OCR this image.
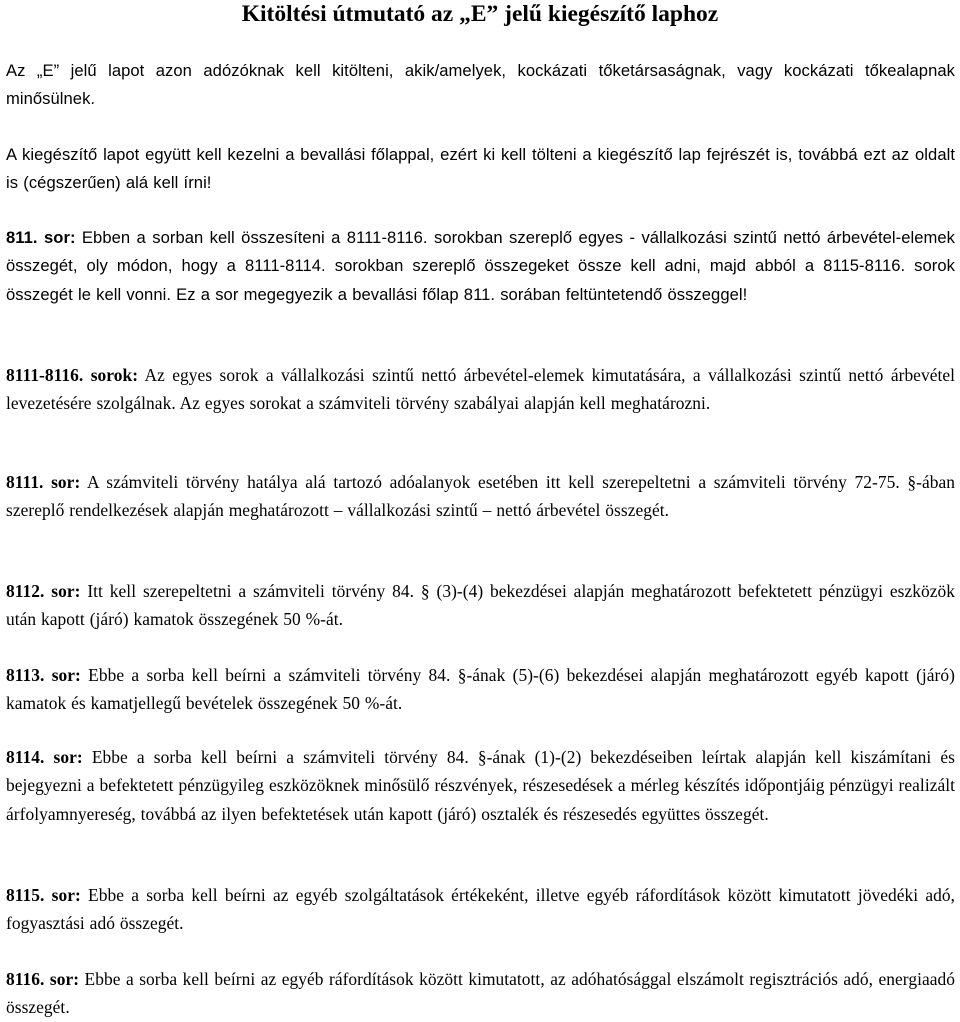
Kitöltési útmutató az „E” jelű kiegészítő laphoz
Az „E” jelű lapot azon adózóknak kell kitölteni, akik/amelyek, kockázati tőketársaságnak, vagy kockázati tőkealapnak minősülnek.
A kiegészítő lapot együtt kell kezelni a bevallási főlappal, ezért ki kell tölteni a kiegészítő lap fejrészét is, továbbá ezt az oldalt is (cégszerűen) alá kell írni!
811. sor: Ebben a sorban kell összesíteni a 8111-8116. sorokban szereplő egyes - vállalkozási szintű nettó árbevétel-elemek összegét, oly módon, hogy a 8111-8114. sorokban szereplő összegeket össze kell adni, majd abból a 8115-8116. sorok összegét le kell vonni. Ez a sor megegyezik a bevallási főlap 811. sorában feltüntetendő összeggel!
8111-8116. sorok: Az egyes sorok a vállalkozási szintű nettó árbevétel-elemek kimutatására, a vállalkozási szintű nettó árbevétel levezetésére szolgálnak. Az egyes sorokat a számviteli törvény szabályai alapján kell meghatározni.
8111. sor: A számviteli törvény hatálya alá tartozó adóalanyok esetében itt kell szerepeltetni a számviteli törvény 72-75. §-ában szereplő rendelkezések alapján meghatározott – vállalkozási szintű – nettó árbevétel összegét.
8112. sor: Itt kell szerepeltetni a számviteli törvény 84. § (3)-(4) bekezdései alapján meghatározott befektetett pénzügyi eszközök után kapott (járó) kamatok összegének 50 %-át.
8113. sor: Ebbe a sorba kell beírni a számviteli törvény 84. §-ának (5)-(6) bekezdései alapján meghatározott egyéb kapott (járó) kamatok és kamatjellegű bevételek összegének 50 %-át.
8114. sor: Ebbe a sorba kell beírni a számviteli törvény 84. §-ának (1)-(2) bekezdéseiben leírtak alapján kell kiszámítani és bejegyezni a befektetett pénzügyileg eszközöknek minősülő részvények, részesedések a mérleg készítés időpontjáig pénzügyi realizált árfolyamnyereség, továbbá az ilyen befektetések után kapott (járó) osztalék és részesedés együttes összegét.
8115. sor: Ebbe a sorba kell beírni az egyéb szolgáltatások értékeként, illetve egyéb ráfordítások között kimutatott jövedéki adó, fogyasztási adó összegét.
8116. sor: Ebbe a sorba kell beírni az egyéb ráfordítások között kimutatott, az adóhatósággal elszámolt regisztrációs adó, energiaadó összegét.
